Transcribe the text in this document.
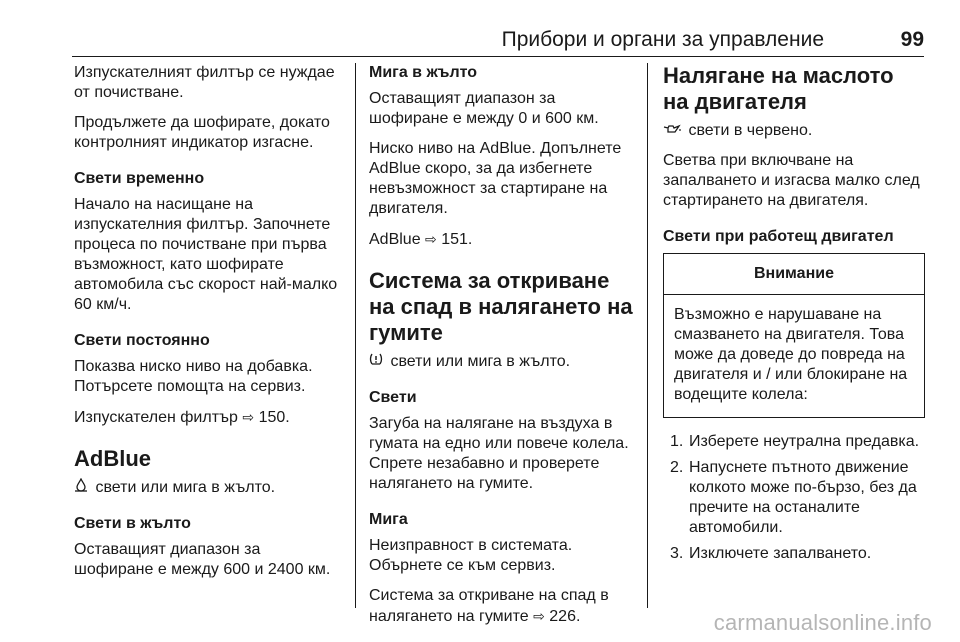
Прибори и органи за управление	99

Изпускателният филтър се нуждае от почистване.

Продължете да шофирате, докато контролният индикатор изгасне.

Свети временно

Начало на насищане на изпускателния филтър. Започнете процеса по почистване при първа възможност, като шофирате автомобила със скорост най-малко 60 км/ч.

Свети постоянно

Показва ниско ниво на добавка. Потърсете помощта на сервиз.

Изпускателен филтър ⇨ 150.

AdBlue

свети или мига в жълто.

Свети в жълто

Оставащият диапазон за шофиране е между 600 и 2400 км.

Мига в жълто

Оставащият диапазон за шофиране е между 0 и 600 км.

Ниско ниво на AdBlue. Допълнете AdBlue скоро, за да избегнете невъзможност за стартиране на двигателя.

AdBlue ⇨ 151.

Система за откриване на спад в налягането на гумите

свети или мига в жълто.

Свети

Загуба на налягане на въздуха в гумата на едно или повече колела. Спрете незабавно и проверете налягането на гумите.

Мига

Неизправност в системата. Обърнете се към сервиз.

Система за откриване на спад в налягането на гумите ⇨ 226.

Налягане на маслото на двигателя

свети в червено.

Светва при включване на запалването и изгасва малко след стартирането на двигателя.

Свети при работещ двигател
Внимание
Възможно е нарушаване на смазването на двигателя. Това може да доведе до повреда на двигателя и / или блокиране на водещите колела:
1. Изберете неутрална предавка.
2. Напуснете пътното движение колкото може по-бързо, без да пречите на останалите автомобили.
3. Изключете запалването.
carmanualsonline.info
